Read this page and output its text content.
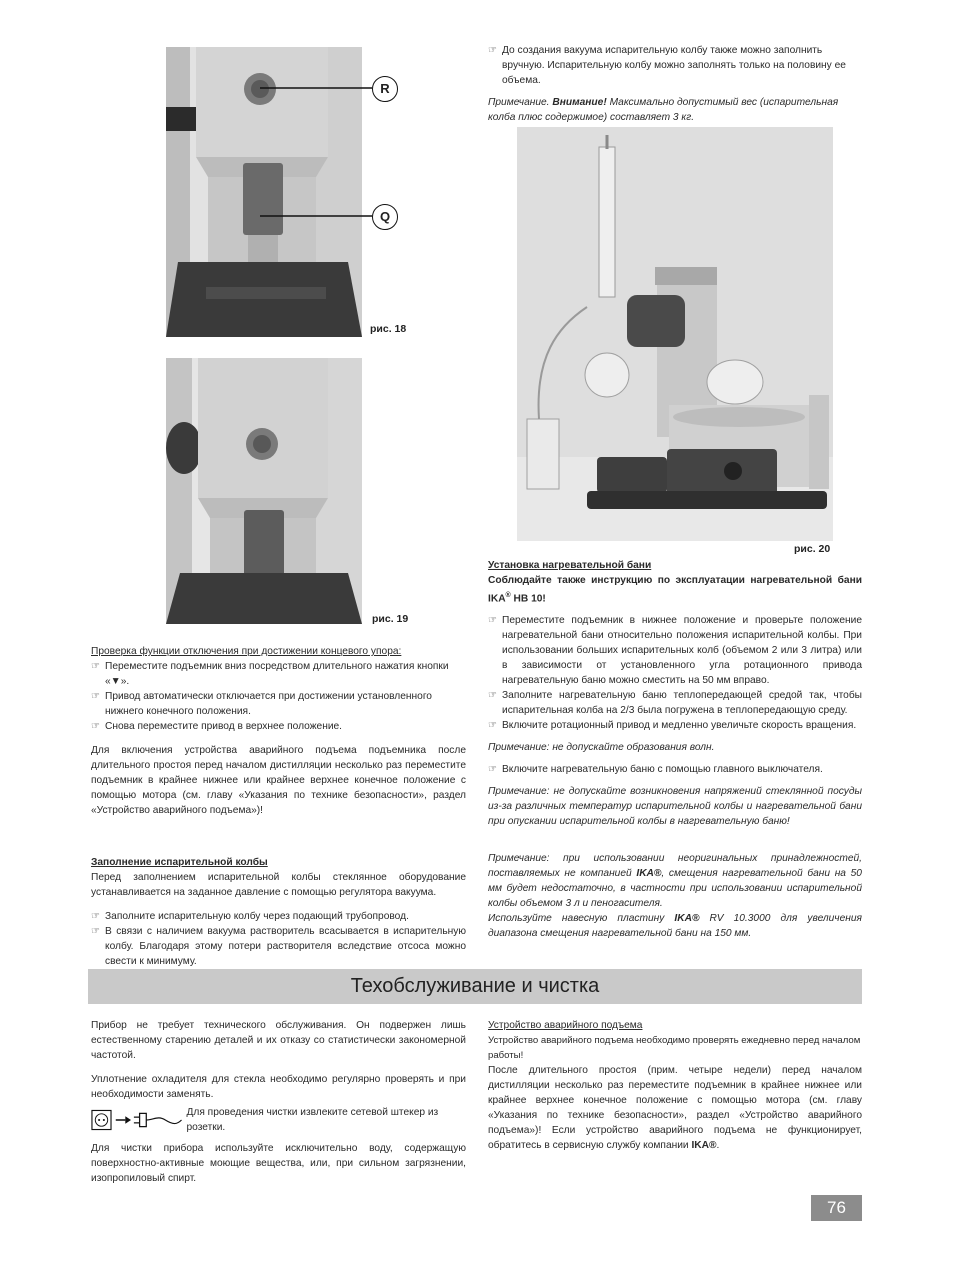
R
Q
рис. 18
рис. 19
рис. 20
Проверка функции отключения при достижении концевого упора:
☞ Переместите подъемник вниз посредством длительного нажатия кнопки «▼».
☞ Привод автоматически отключается при достижении установленного нижнего конечного положения.
☞ Снова переместите привод в верхнее положение.
Для включения устройства аварийного подъема подъемника после длительного простоя перед началом дистилляции несколько раз переместите подъемник в крайнее нижнее или крайнее верхнее конечное положение с помощью мотора (см. главу «Указания по технике безопасности», раздел «Устройство аварийного подъема»)!
Заполнение испарительной колбы
Перед заполнением испарительной колбы стеклянное оборудование устанавливается на заданное давление с помощью регулятора вакуума.
☞ Заполните испарительную колбу через подающий трубопровод.
☞ В связи с наличием вакуума растворитель всасывается в испарительную колбу. Благодаря этому потери растворителя вследствие отсоса можно свести к минимуму.
☞ До создания вакуума испарительную колбу также можно заполнить вручную. Испарительную колбу можно заполнять только на половину ее объема.
Примечание. Внимание! Максимально допустимый вес (испарительная колба плюс содержимое) составляет 3 кг.
Установка нагревательной бани
Соблюдайте также инструкцию по эксплуатации нагревательной бани IKA® HB 10!
☞ Переместите подъемник в нижнее положение и проверьте положение нагревательной бани относительно положения испарительной колбы. При использовании больших испарительных колб (объемом 2 или 3 литра) или в зависимости от установленного угла ротационного привода нагревательную баню можно сместить на 50 мм вправо.
☞ Заполните нагревательную баню теплопередающей средой так, чтобы испарительная колба на 2/3 была погружена в теплопередающую среду.
☞ Включите ротационный привод и медленно увеличьте скорость вращения.
Примечание: не допускайте образования волн.
☞ Включите нагревательную баню с помощью главного выключателя.
Примечание: не допускайте возникновения напряжений стеклянной посуды из-за различных температур испарительной колбы и нагревательной бани при опускании испарительной колбы в нагревательную баню!
Примечание: при использовании неоригинальных принадлежностей, поставляемых не компанией IKA®, смещения нагревательной бани на 50 мм будет недостаточно, в частности при использовании испарительной колбы объемом 3 л и пеногасителя.
Используйте навесную пластину IKA® RV 10.3000 для увеличения диапазона смещения нагревательной бани на 150 мм.
Техобслуживание и чистка
Прибор не требует технического обслуживания. Он подвержен лишь естественному старению деталей и их отказу со статистически закономерной частотой.
Уплотнение охладителя для стекла необходимо регулярно проверять и при необходимости заменять.
Для проведения чистки извлеките сетевой штекер из розетки.
Для чистки прибора используйте исключительно воду, содержащую поверхностно-активные моющие вещества, или, при сильном загрязнении, изопропиловый спирт.
Устройство аварийного подъема
Устройство аварийного подъема необходимо проверять ежедневно перед началом работы!
После длительного простоя (прим. четыре недели) перед началом дистилляции несколько раз переместите подъемник в крайнее нижнее или крайнее верхнее конечное положение с помощью мотора (см. главу «Указания по технике безопасности», раздел «Устройство аварийного подъема»)! Если устройство аварийного подъема не функционирует, обратитесь в сервисную службу компании IKA®.
76
